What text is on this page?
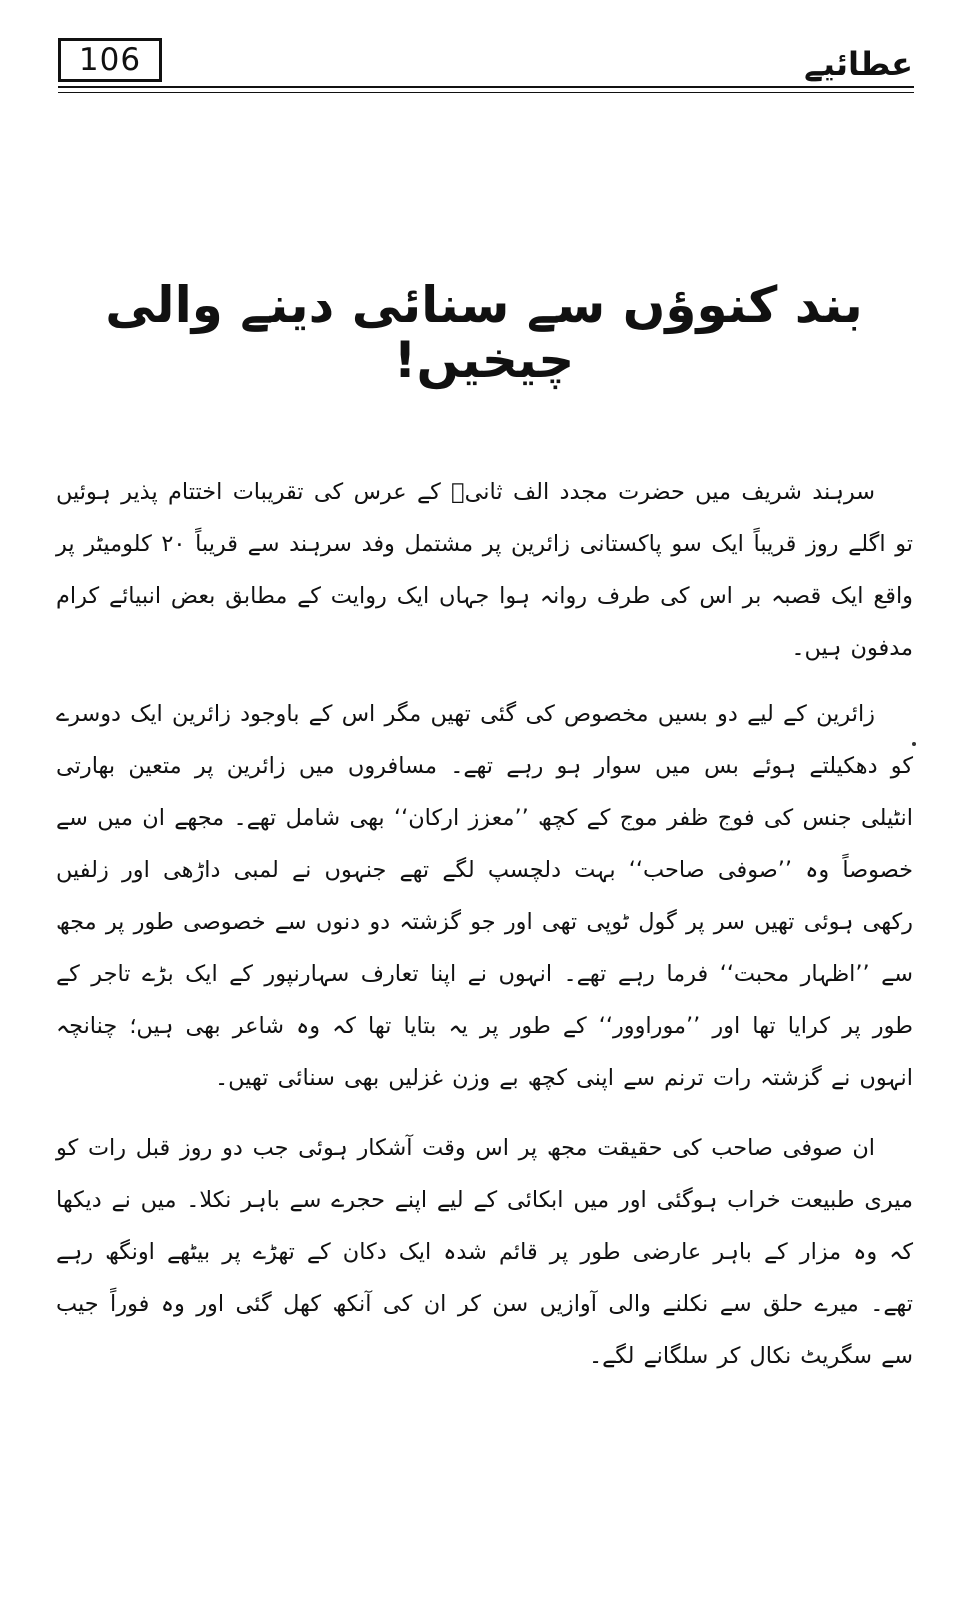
106	عطائیے
بند کنوؤں سے سنائی دینے والی چیخیں!

سرہند شریف میں حضرت مجدد الف ثانیؒ کے عرس کی تقریبات اختتام پذیر ہوئیں تو اگلے روز قریباً ایک سو پاکستانی زائرین پر مشتمل وفد سرہند سے قریباً ۲۰ کلومیٹر پر واقع ایک قصبہ بر اس کی طرف روانہ ہوا جہاں ایک روایت کے مطابق بعض انبیائے کرام مدفون ہیں۔

زائرین کے لیے دو بسیں مخصوص کی گئی تھیں مگر اس کے باوجود زائرین ایک دوسرے کو دھکیلتے ہوئے بس میں سوار ہو رہے تھے۔ مسافروں میں زائرین پر متعین بھارتی انٹیلی جنس کی فوج ظفر موج کے کچھ ’’معزز ارکان‘‘ بھی شامل تھے۔ مجھے ان میں سے خصوصاً وہ ’’صوفی صاحب‘‘ بہت دلچسپ لگے تھے جنہوں نے لمبی داڑھی اور زلفیں رکھی ہوئی تھیں سر پر گول ٹوپی تھی اور جو گزشتہ دو دنوں سے خصوصی طور پر مجھ سے ’’اظہار محبت‘‘ فرما رہے تھے۔ انہوں نے اپنا تعارف سہارنپور کے ایک بڑے تاجر کے طور پر کرایا تھا اور ’’موراوور‘‘ کے طور پر یہ بتایا تھا کہ وہ شاعر بھی ہیں؛ چنانچہ انہوں نے گزشتہ رات ترنم سے اپنی کچھ بے وزن غزلیں بھی سنائی تھیں۔

ان صوفی صاحب کی حقیقت مجھ پر اس وقت آشکار ہوئی جب دو روز قبل رات کو میری طبیعت خراب ہوگئی اور میں ابکائی کے لیے اپنے حجرے سے باہر نکلا۔ میں نے دیکھا کہ وہ مزار کے باہر عارضی طور پر قائم شدہ ایک دکان کے تھڑے پر بیٹھے اونگھ رہے تھے۔ میرے حلق سے نکلنے والی آوازیں سن کر ان کی آنکھ کھل گئی اور وہ فوراً جیب سے سگریٹ نکال کر سلگانے لگے۔
